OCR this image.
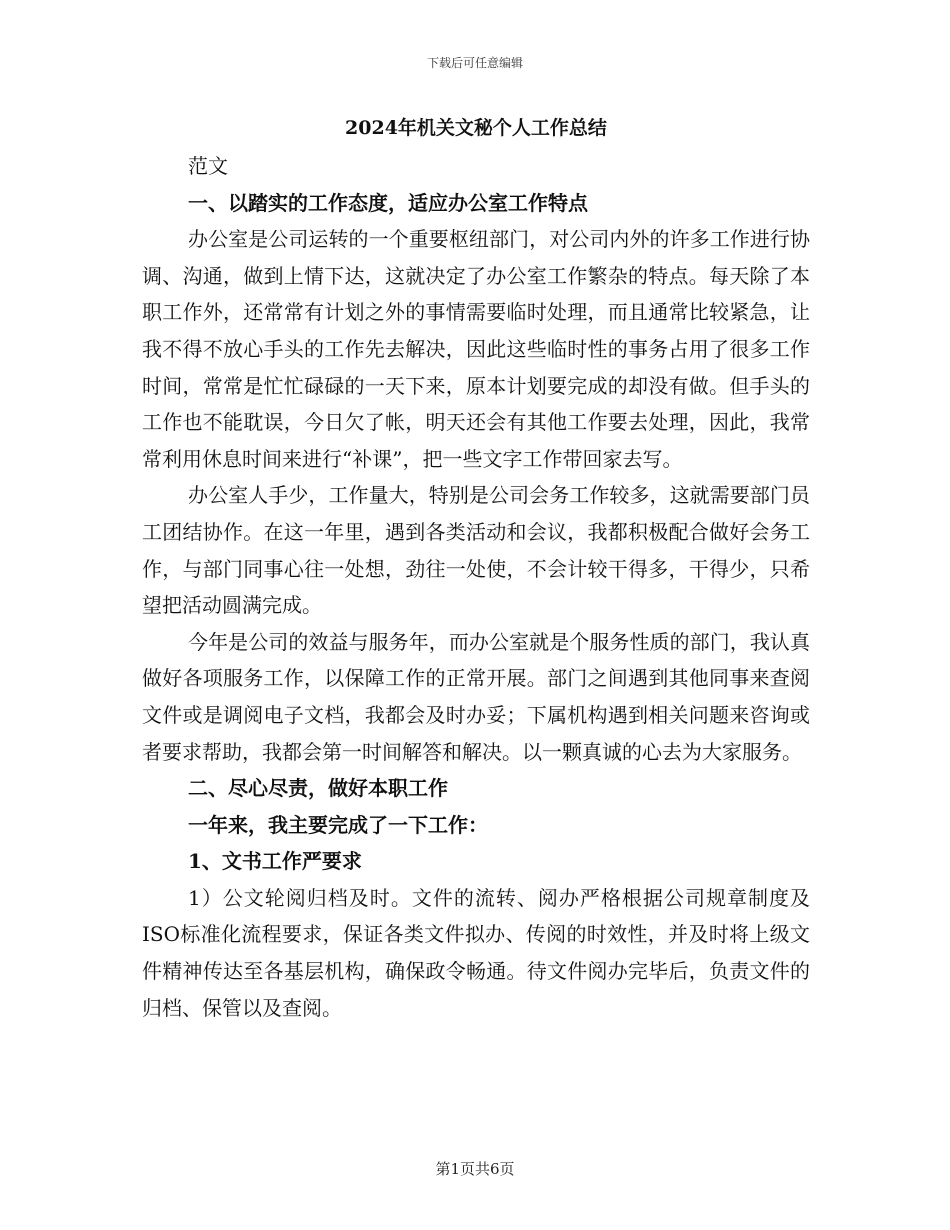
下载后可任意编辑
2024年机关文秘个人工作总结

范文

一、以踏实的工作态度，适应办公室工作特点

办公室是公司运转的一个重要枢纽部门，对公司内外的许多工作进行协调、沟通，做到上情下达，这就决定了办公室工作繁杂的特点。每天除了本职工作外，还常常有计划之外的事情需要临时处理，而且通常比较紧急，让我不得不放心手头的工作先去解决，因此这些临时性的事务占用了很多工作时间，常常是忙忙碌碌的一天下来，原本计划要完成的却没有做。但手头的工作也不能耽误，今日欠了帐，明天还会有其他工作要去处理，因此，我常常利用休息时间来进行“补课”，把一些文字工作带回家去写。

办公室人手少，工作量大，特别是公司会务工作较多，这就需要部门员工团结协作。在这一年里，遇到各类活动和会议，我都积极配合做好会务工作，与部门同事心往一处想，劲往一处使，不会计较干得多，干得少，只希望把活动圆满完成。

今年是公司的效益与服务年，而办公室就是个服务性质的部门，我认真做好各项服务工作，以保障工作的正常开展。部门之间遇到其他同事来查阅文件或是调阅电子文档，我都会及时办妥；下属机构遇到相关问题来咨询或者要求帮助，我都会第一时间解答和解决。以一颗真诚的心去为大家服务。

二、尽心尽责，做好本职工作

一年来，我主要完成了一下工作：

1、文书工作严要求

1）公文轮阅归档及时。文件的流转、阅办严格根据公司规章制度及ISO标准化流程要求，保证各类文件拟办、传阅的时效性，并及时将上级文件精神传达至各基层机构，确保政令畅通。待文件阅办完毕后，负责文件的归档、保管以及查阅。

第1页共6页
